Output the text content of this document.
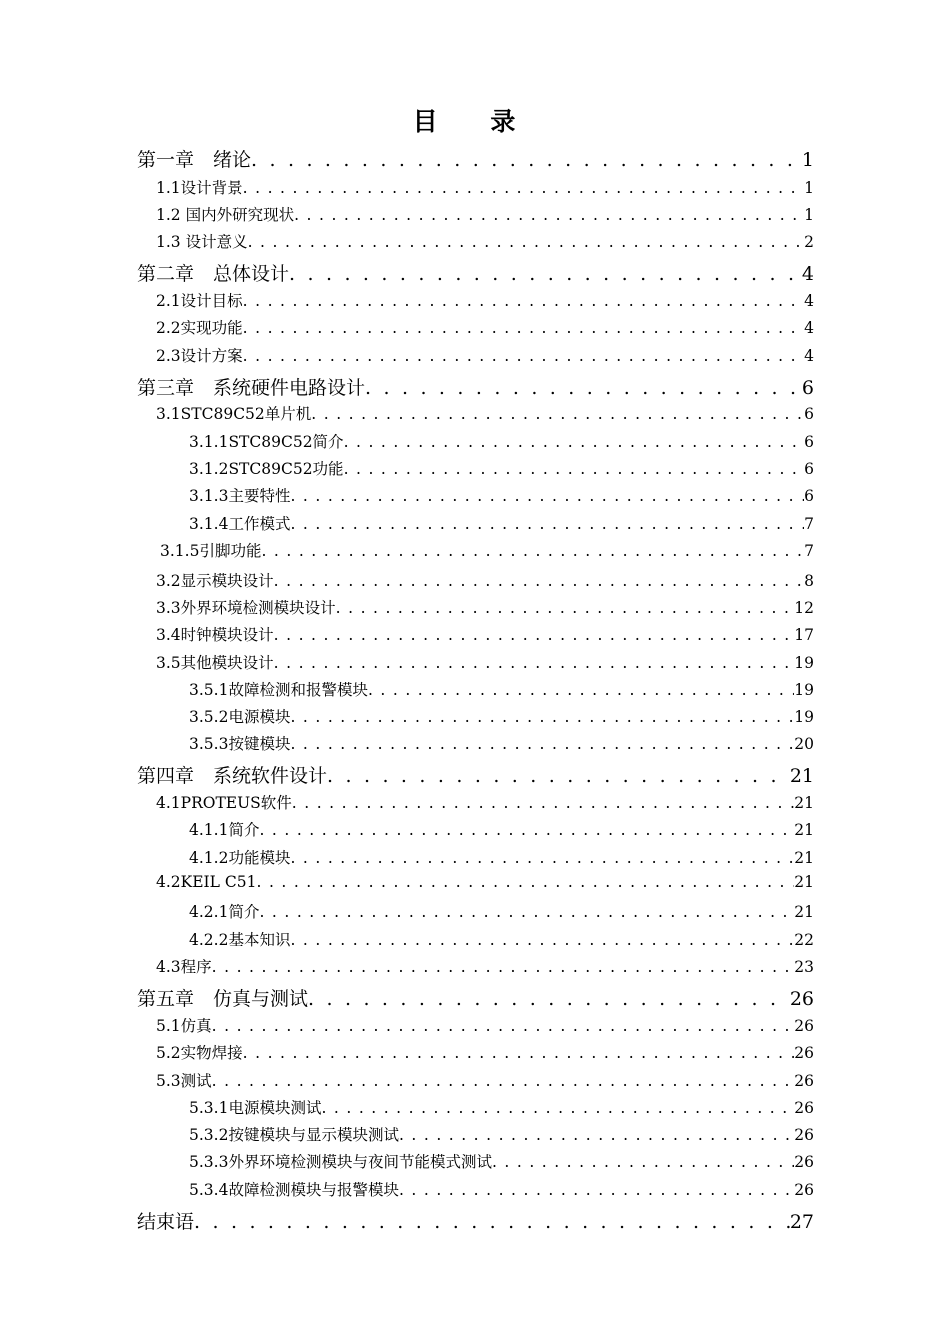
目 录
第一章　绪论 . . .	1
1.1设计背景 . . .	1
1.2 国内外研究现状 . . .	1
1.3 设计意义 . . .	2
第二章　总体设计 . . .	4
2.1设计目标 . . .	4
2.2实现功能 . . .	4
2.3设计方案 . . .	4
第三章　系统硬件电路设计 . . .	6
3.1STC89C52单片机 . . .	6
3.1.1STC89C52简介 . . .	6
3.1.2STC89C52功能 . . .	6
3.1.3主要特性 . . .	6
3.1.4工作模式 . . .	7
3.1.5引脚功能 . . .	7
3.2显示模块设计 . . .	8
3.3外界环境检测模块设计 . . .	12
3.4时钟模块设计 . . .	17
3.5其他模块设计 . . .	19
3.5.1故障检测和报警模块 . . .	19
3.5.2电源模块 . . .	19
3.5.3按键模块 . . .	20
第四章　系统软件设计 . . .	21
4.1PROTEUS软件 . . .	21
4.1.1简介 . . .	21
4.1.2功能模块 . . .	21
4.2KEIL C51 . . .	21
4.2.1简介 . . .	21
4.2.2基本知识 . . .	22
4.3程序 . . .	23
第五章　仿真与测试 . . .	26
5.1仿真 . . .	26
5.2实物焊接 . . .	26
5.3测试 . . .	26
5.3.1电源模块测试 . . .	26
5.3.2按键模块与显示模块测试 . . .	26
5.3.3外界环境检测模块与夜间节能模式测试 . . .	26
5.3.4故障检测模块与报警模块 . . .	26
结束语 . . .	27
